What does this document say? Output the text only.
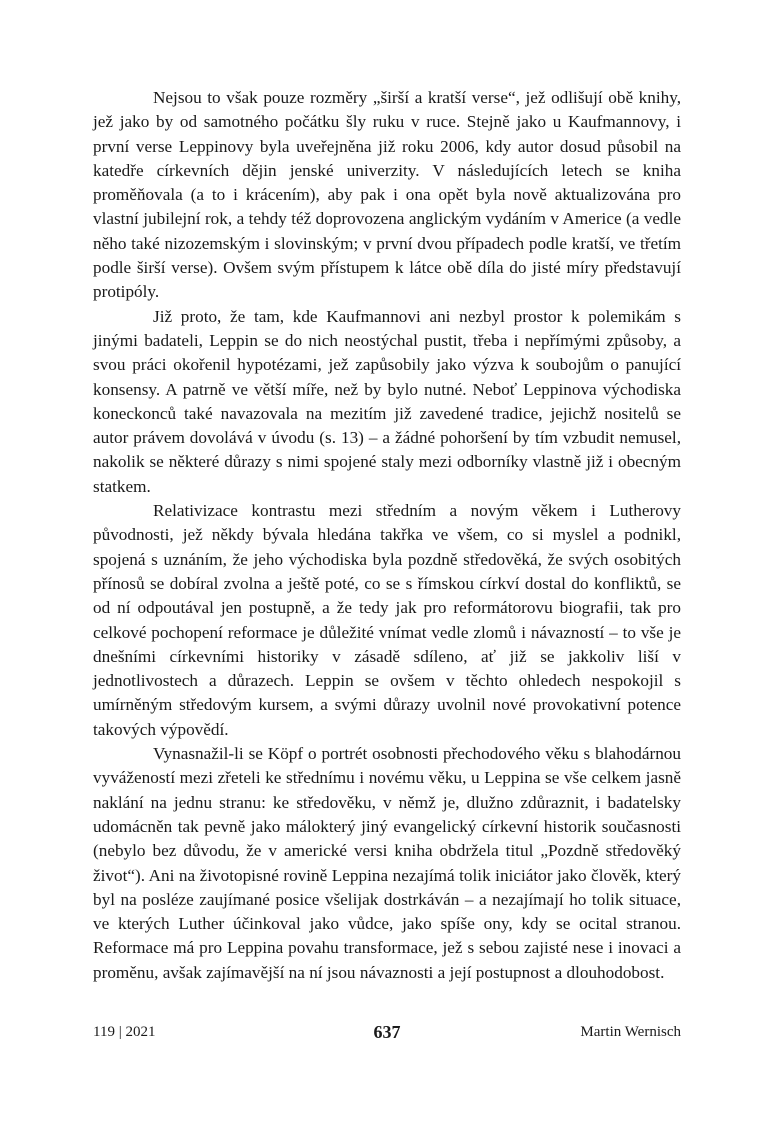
Nejsou to však pouze rozměry „širší a kratší verse“, jež odlišují obě knihy, jež jako by od samotného počátku šly ruku v ruce. Stejně jako u Kaufmannovy, i první verse Leppinovy byla uveřejněna již roku 2006, kdy autor dosud působil na katedře církevních dějin jenské univerzity. V následujících letech se kniha proměňovala (a to i krácením), aby pak i ona opět byla nově aktualizována pro vlastní jubilejní rok, a tehdy též doprovozena anglickým vydáním v Americe (a vedle něho také nizozemským i slovinským; v první dvou případech podle kratší, ve třetím podle širší verse). Ovšem svým přístupem k látce obě díla do jisté míry představují protipóly.

Již proto, že tam, kde Kaufmannovi ani nezbyl prostor k polemikám s jinými badateli, Leppin se do nich neostýchal pustit, třeba i nepřímými způsoby, a svou práci okořenil hypotézami, jež zapůsobily jako výzva k soubojům o panující konsensy. A patrně ve větší míře, než by bylo nutné. Neboť Leppinova východiska koneckonců také navazovala na mezitím již zavedené tradice, jejichž nositelů se autor právem dovolává v úvodu (s. 13) – a žádné pohoršení by tím vzbudit nemusel, nakolik se některé důrazy s nimi spojené staly mezi odborníky vlastně již i obecným statkem.

Relativizace kontrastu mezi středním a novým věkem i Lutherovy původnosti, jež někdy bývala hledána takřka ve všem, co si myslel a podnikl, spojená s uznáním, že jeho východiska byla pozdně středověká, že svých osobitých přínosů se dobíral zvolna a ještě poté, co se s římskou církví dostal do konfliktů, se od ní odpoutával jen postupně, a že tedy jak pro reformátorovu biografii, tak pro celkové pochopení reformace je důležité vnímat vedle zlomů i návazností – to vše je dnešními církevními historiky v zásadě sdíleno, ať již se jakkoliv liší v jednotlivostech a důrazech. Leppin se ovšem v těchto ohledech nespokojil s umírněným středovým kursem, a svými důrazy uvolnil nové provokativní potence takových výpovědí.

Vynasnažil-li se Köpf o portrét osobnosti přechodového věku s blahodárnou vyvážeností mezi zřeteli ke střednímu i novému věku, u Leppina se vše celkem jasně naklání na jednu stranu: ke středověku, v němž je, dlužno zdůraznit, i badatelsky udomácněn tak pevně jako málokterý jiný evangelický církevní historik současnosti (nebylo bez důvodu, že v americké versi kniha obdržela titul „Pozdně středověký život“). Ani na životopisné rovině Leppina nezajímá tolik iniciátor jako člověk, který byl na posléze zaujímané posice všelijak dostrkáván – a nezajímají ho tolik situace, ve kterých Luther účinkoval jako vůdce, jako spíše ony, kdy se ocital stranou. Reformace má pro Leppina povahu transformace, jež s sebou zajisté nese i inovaci a proměnu, avšak zajímavější na ní jsou návaznosti a její postupnost a dlouhodobost.

119 | 2021	637	Martin Wernisch
